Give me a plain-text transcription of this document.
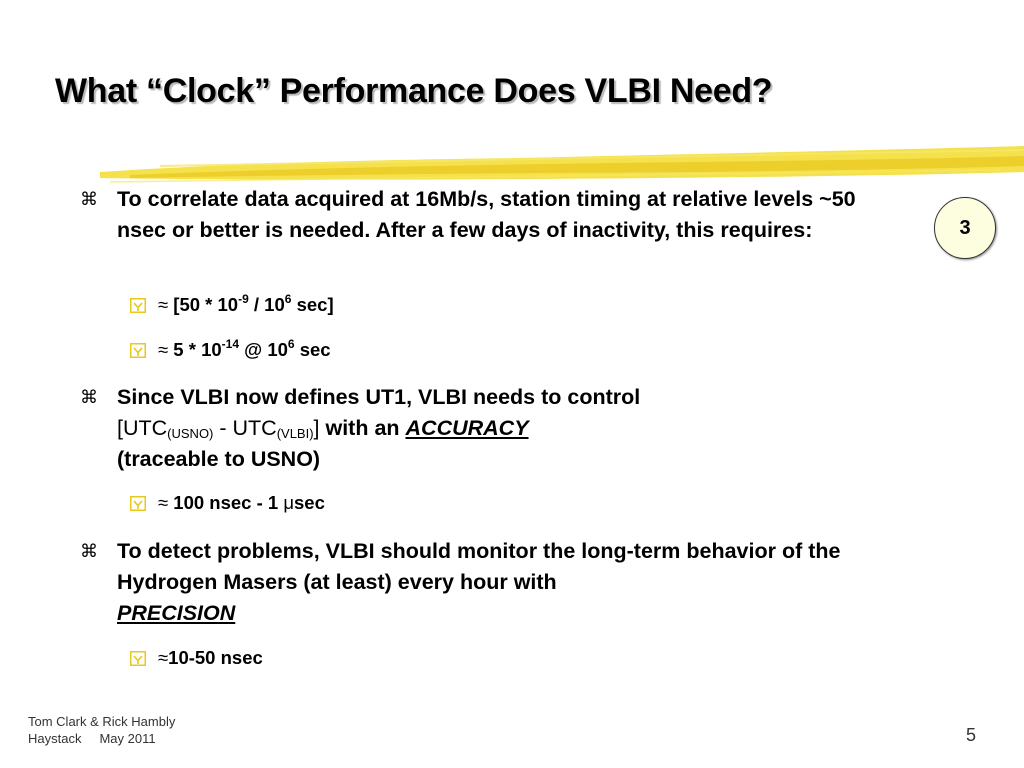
What “Clock” Performance Does VLBI Need?
3
⌘ To correlate data acquired at 16Mb/s, station timing at relative levels ~50 nsec or better is needed. After a few days of inactivity, this requires:
≈ [$50 * 10^{-9} / 10^6$ sec]
≈ $5 * 10^{-14}$ @ $10^6$ sec
⌘ Since VLBI now defines UT1, VLBI needs to control
$[UTC_{(USNO)} - UTC_{(VLBI)}]$ with an ACCURACY
(traceable to USNO)
≈ 100 nsec - 1 μsec
⌘ To detect problems, VLBI should monitor the long-term behavior of the Hydrogen Masers (at least) every hour with
PRECISION
≈10-50 nsec
Tom Clark & Rick Hambly
Haystack May 2011	5
